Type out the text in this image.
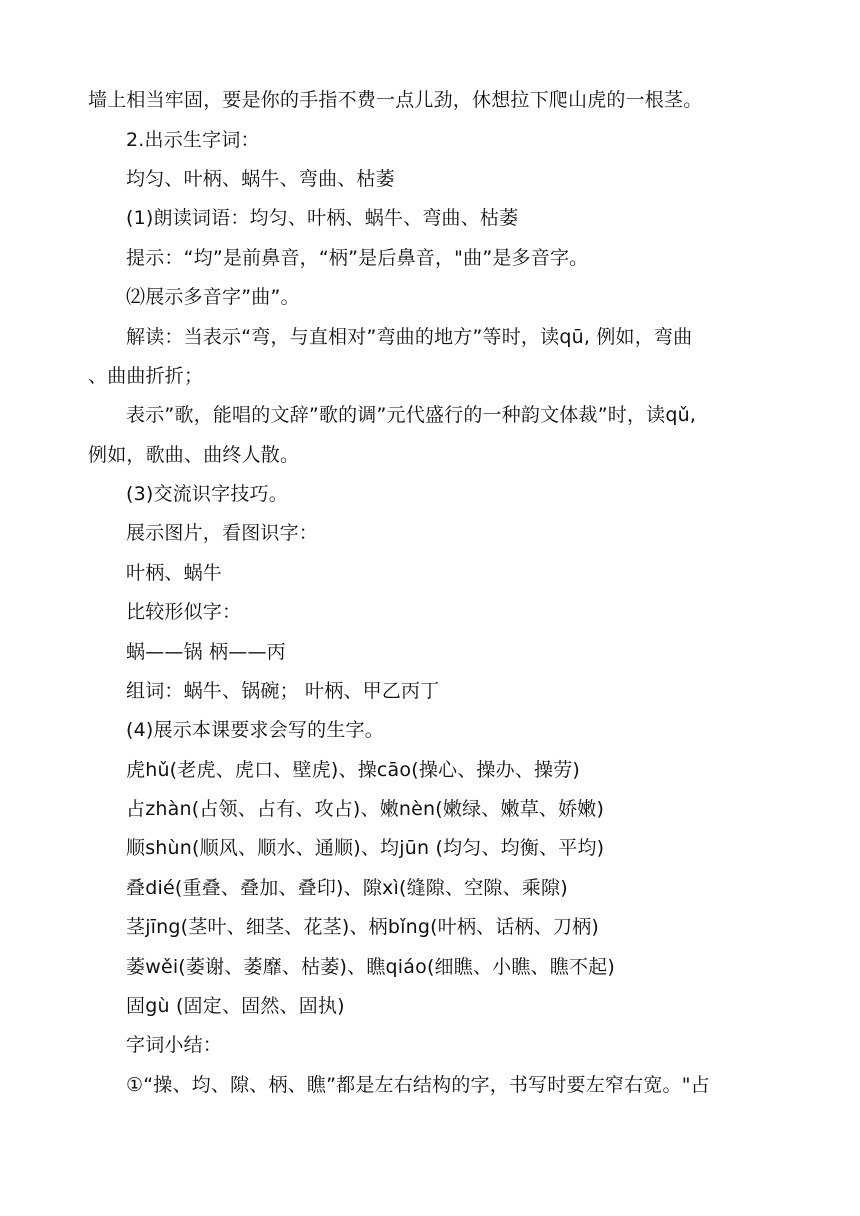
墙上相当牢固，要是你的手指不费一点儿劲，休想拉下爬山虎的一根茎。
2.出示生字词：
均匀、叶柄、蜗牛、弯曲、枯萎
(1)朗读词语：均匀、叶柄、蜗牛、弯曲、枯萎
提示：“均”是前鼻音，“柄”是后鼻音，"曲”是多音字。
⑵展示多音字”曲”。
解读：当表示“弯，与直相对”弯曲的地方”等时，读qū, 例如，弯曲
、曲曲折折；
表示”歌，能唱的文辞”歌的调”元代盛行的一种韵文体裁”时，读qǔ,
例如，歌曲、曲终人散。
(3)交流识字技巧。
展示图片，看图识字：
叶柄、蜗牛
比较形似字：
蜗——锅 柄——丙
组词：蜗牛、锅碗； 叶柄、甲乙丙丁
(4)展示本课要求会写的生字。
虎hǔ(老虎、虎口、壁虎)、操cāo(操心、操办、操劳)
占zhàn(占领、占有、攻占)、嫩nèn(嫩绿、嫩草、娇嫩)
顺shùn(顺风、顺水、通顺)、均jūn (均匀、均衡、平均)
叠dié(重叠、叠加、叠印)、隙xì(缝隙、空隙、乘隙)
茎jīng(茎叶、细茎、花茎)、柄bǐng(叶柄、话柄、刀柄)
萎wěi(萎谢、萎靡、枯萎)、瞧qiáo(细瞧、小瞧、瞧不起)
固gù (固定、固然、固执)
字词小结：
①“操、均、隙、柄、瞧”都是左右结构的字，书写时要左窄右宽。"占
